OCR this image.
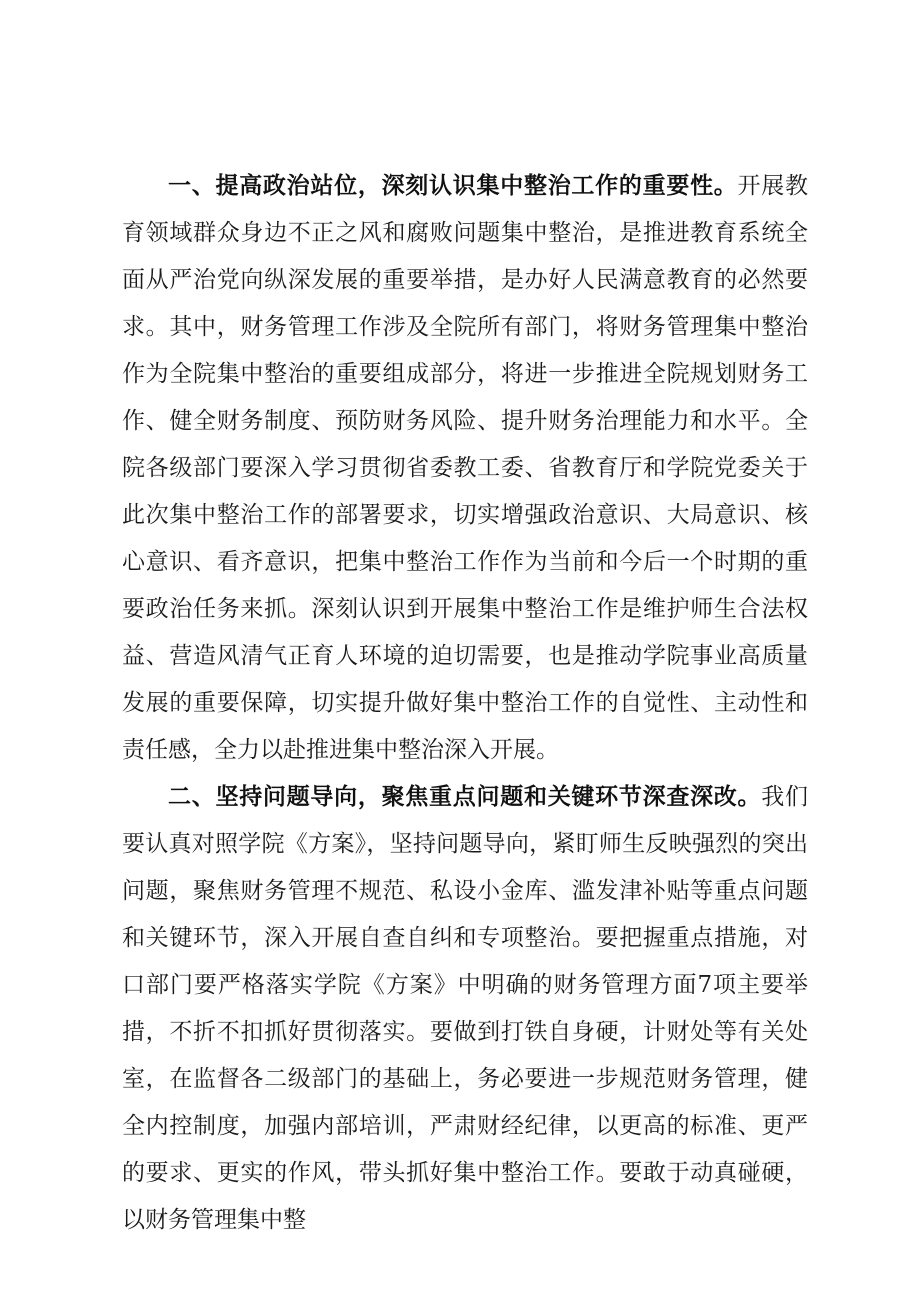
一、提高政治站位，深刻认识集中整治工作的重要性。开展教育领域群众身边不正之风和腐败问题集中整治，是推进教育系统全面从严治党向纵深发展的重要举措，是办好人民满意教育的必然要求。其中，财务管理工作涉及全院所有部门，将财务管理集中整治作为全院集中整治的重要组成部分，将进一步推进全院规划财务工作、健全财务制度、预防财务风险、提升财务治理能力和水平。全院各级部门要深入学习贯彻省委教工委、省教育厅和学院党委关于此次集中整治工作的部署要求，切实增强政治意识、大局意识、核心意识、看齐意识，把集中整治工作作为当前和今后一个时期的重要政治任务来抓。深刻认识到开展集中整治工作是维护师生合法权益、营造风清气正育人环境的迫切需要，也是推动学院事业高质量发展的重要保障，切实提升做好集中整治工作的自觉性、主动性和责任感，全力以赴推进集中整治深入开展。

二、坚持问题导向，聚焦重点问题和关键环节深查深改。我们要认真对照学院《方案》，坚持问题导向，紧盯师生反映强烈的突出问题，聚焦财务管理不规范、私设小金库、滥发津补贴等重点问题和关键环节，深入开展自查自纠和专项整治。要把握重点措施，对口部门要严格落实学院《方案》中明确的财务管理方面7项主要举措，不折不扣抓好贯彻落实。要做到打铁自身硬，计财处等有关处室，在监督各二级部门的基础上，务必要进一步规范财务管理，健全内控制度，加强内部培训，严肃财经纪律，以更高的标准、更严的要求、更实的作风，带头抓好集中整治工作。要敢于动真碰硬，以财务管理集中整
